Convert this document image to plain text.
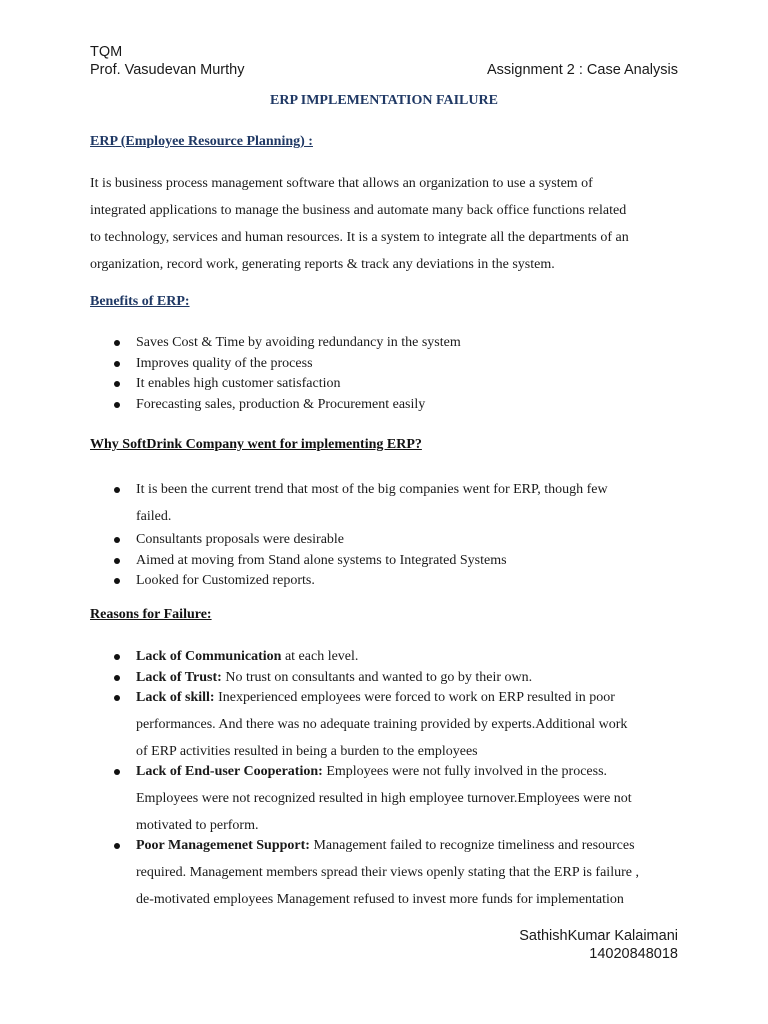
TQM
Prof. Vasudevan Murthy	Assignment 2 : Case Analysis
ERP IMPLEMENTATION FAILURE
ERP (Employee Resource Planning) :
It is business process management software that allows an organization to use a system of
integrated applications to manage the business and automate many back office functions related
to technology, services and human resources. It is a system to integrate all the departments of an
organization, record work, generating reports & track any deviations in the system.
Benefits of ERP:
Saves Cost & Time by avoiding redundancy in the system
Improves quality of the process
It enables high customer satisfaction
Forecasting sales, production & Procurement easily
Why SoftDrink Company went for implementing ERP?
It is been the current trend that most of the big companies went for ERP, though few
failed.
Consultants proposals were desirable
Aimed at moving from Stand alone systems to Integrated Systems
Looked for Customized reports.
Reasons for Failure:
Lack of Communication at each level.
Lack of Trust: No trust on consultants and wanted to go by their own.
Lack of skill: Inexperienced employees were forced to work on ERP resulted in poor
performances. And there was no adequate training provided by experts.Additional work
of ERP activities resulted in being a burden to the employees
Lack of End-user Cooperation: Employees were not fully involved in the process.
Employees were not recognized resulted in high employee turnover.Employees were not
motivated to perform.
Poor Managemenet Support: Management failed to recognize timeliness and resources
required. Management members spread their views openly stating that the ERP is failure ,
de-motivated employees Management refused to invest more funds for implementation
SathishKumar Kalaimani
14020848018
